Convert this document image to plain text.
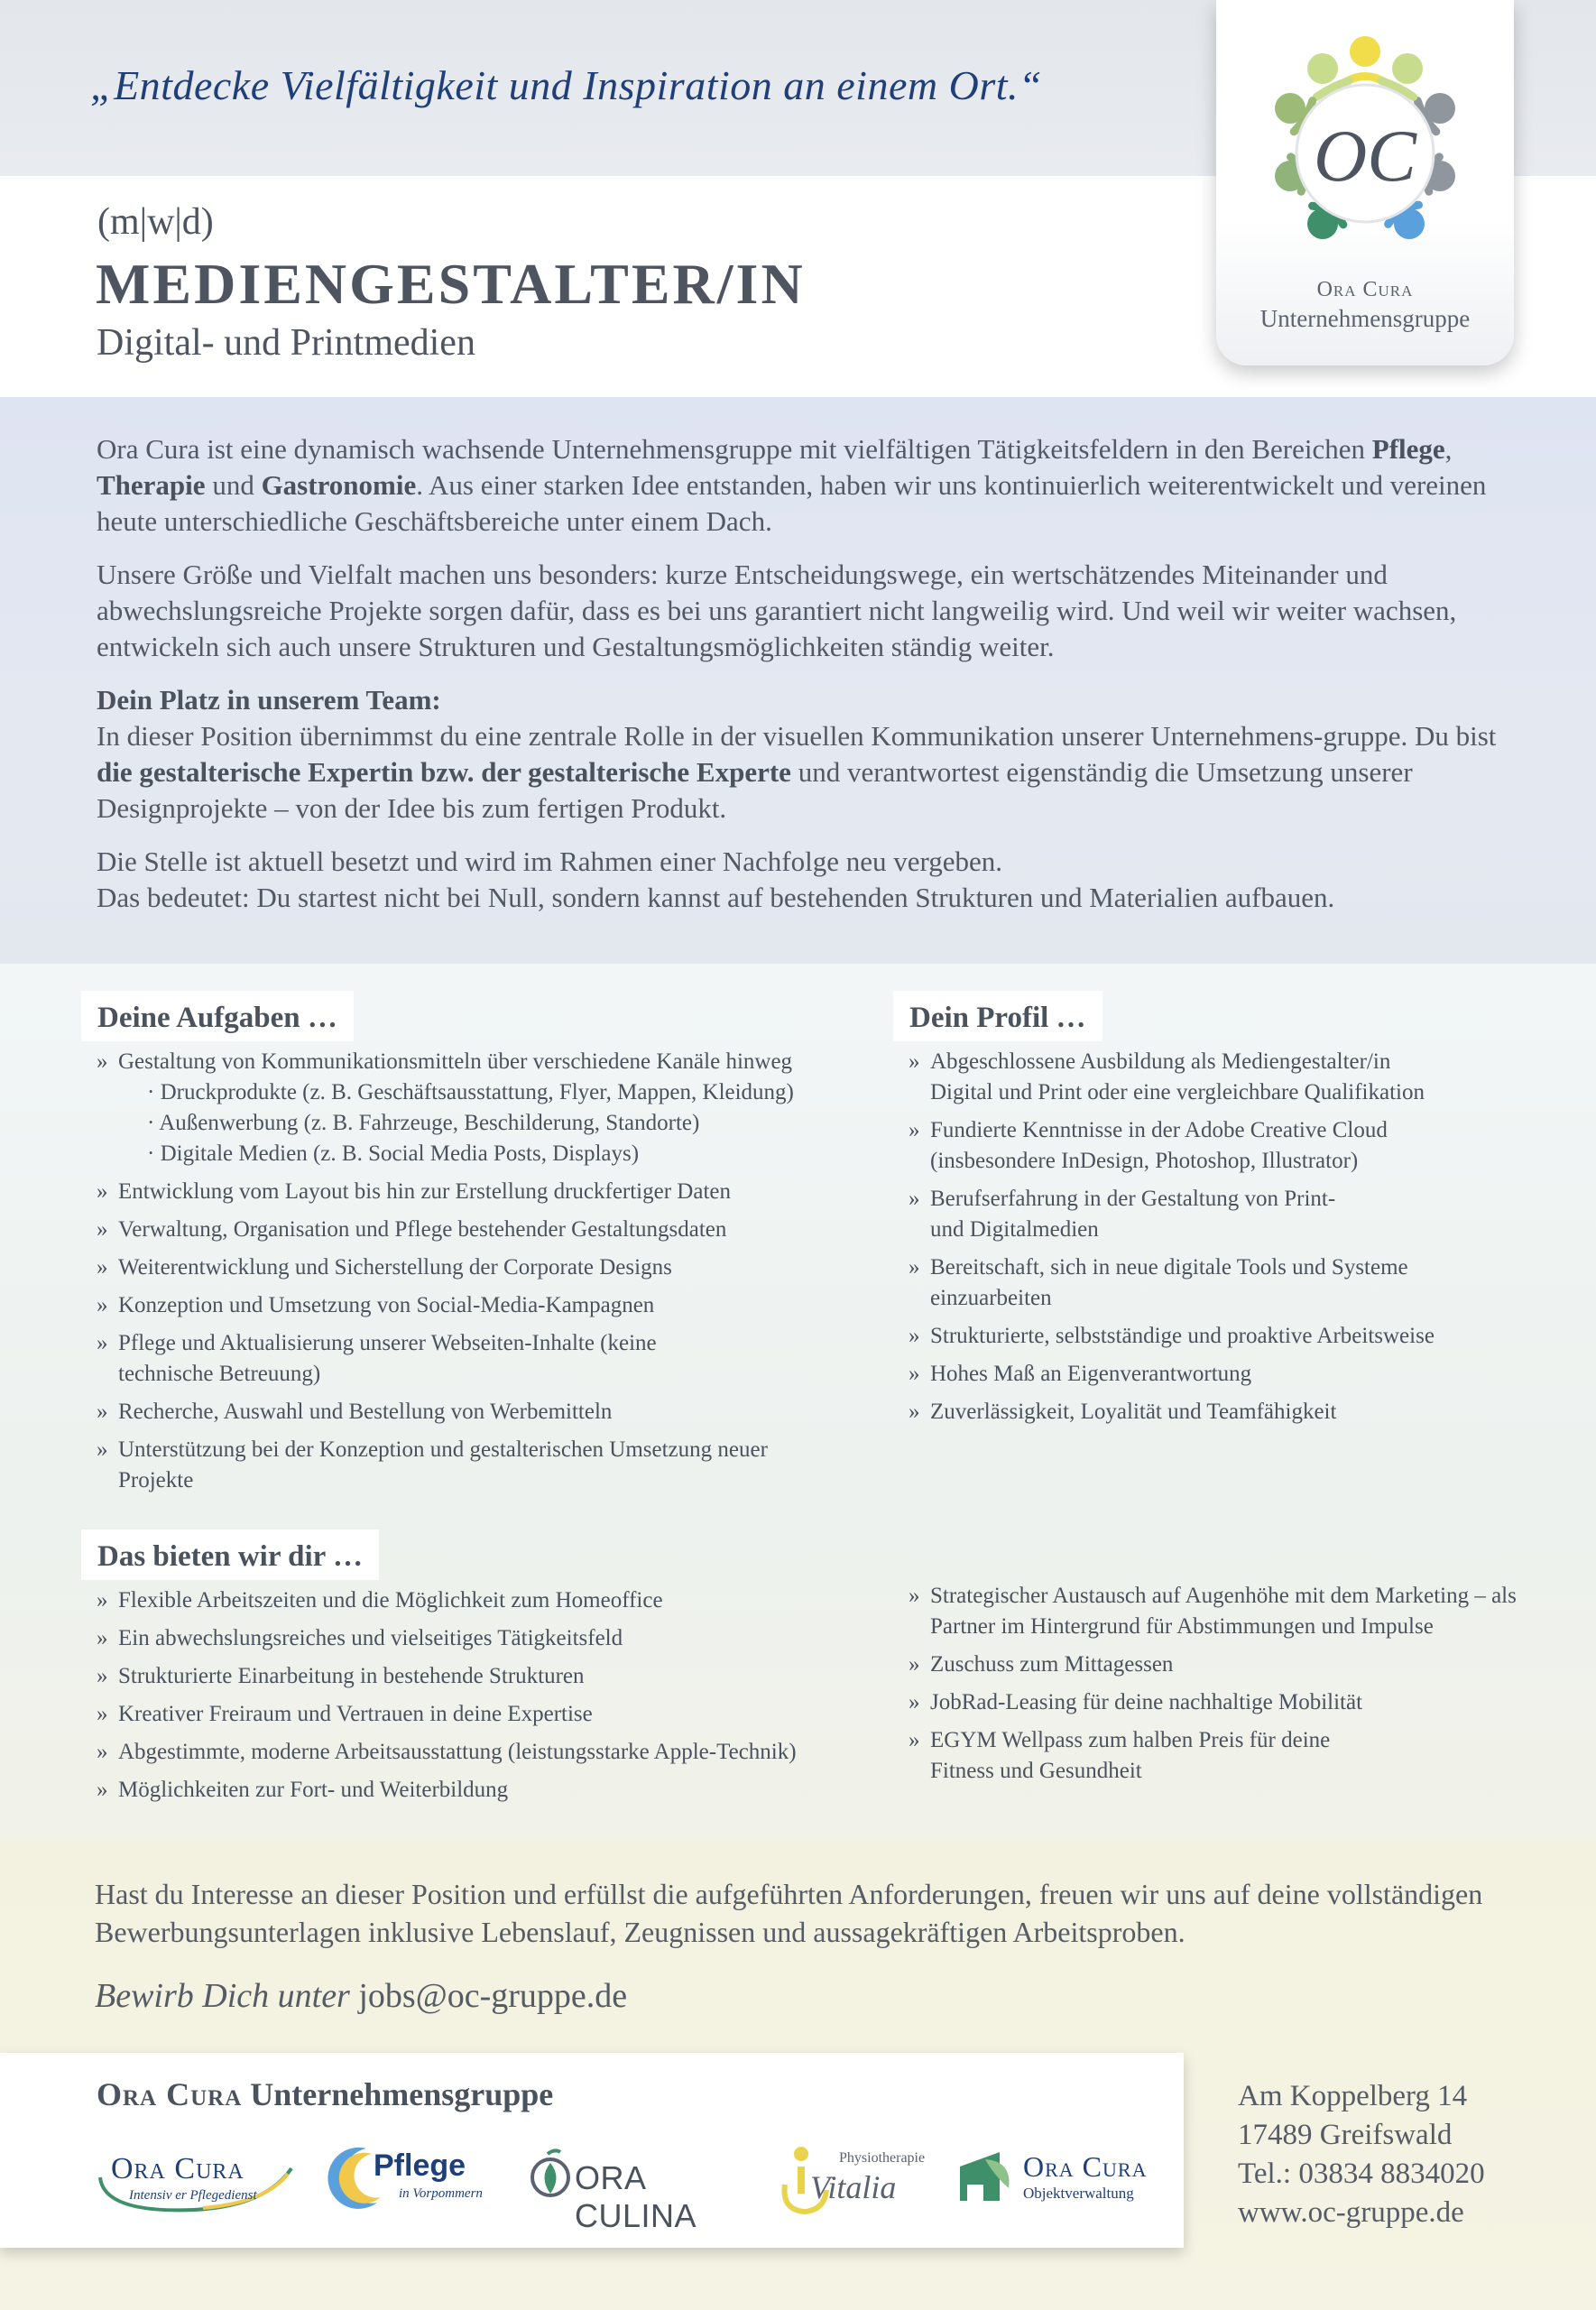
„Entdecke Vielfältigkeit und Inspiration an einem Ort.“
(m|w|d)
MEDIENGESTALTER/IN
Digital- und Printmedien
OC
Ora Cura
Unternehmensgruppe
Ora Cura ist eine dynamisch wachsende Unternehmensgruppe mit vielfältigen Tätigkeitsfeldern in den Bereichen Pflege, Therapie und Gastronomie. Aus einer starken Idee entstanden, haben wir uns kontinuierlich weiterentwickelt und vereinen heute unterschiedliche Geschäftsbereiche unter einem Dach.
Unsere Größe und Vielfalt machen uns besonders: kurze Entscheidungswege, ein wertschätzendes Miteinander und abwechslungsreiche Projekte sorgen dafür, dass es bei uns garantiert nicht langweilig wird. Und weil wir weiter wachsen, entwickeln sich auch unsere Strukturen und Gestaltungsmöglichkeiten ständig weiter.
Dein Platz in unserem Team:
In dieser Position übernimmst du eine zentrale Rolle in der visuellen Kommunikation unserer Unternehmens-gruppe. Du bist die gestalterische Expertin bzw. der gestalterische Experte und verantwortest eigenständig die Umsetzung unserer Designprojekte – von der Idee bis zum fertigen Produkt.
Die Stelle ist aktuell besetzt und wird im Rahmen einer Nachfolge neu vergeben.
Das bedeutet: Du startest nicht bei Null, sondern kannst auf bestehenden Strukturen und Materialien aufbauen.
Deine Aufgaben …
» Gestaltung von Kommunikationsmitteln über verschiedene Kanäle hinweg
· Druckprodukte (z. B. Geschäftsausstattung, Flyer, Mappen, Kleidung)
· Außenwerbung (z. B. Fahrzeuge, Beschilderung, Standorte)
· Digitale Medien (z. B. Social Media Posts, Displays)
» Entwicklung vom Layout bis hin zur Erstellung druckfertiger Daten
» Verwaltung, Organisation und Pflege bestehender Gestaltungsdaten
» Weiterentwicklung und Sicherstellung der Corporate Designs
» Konzeption und Umsetzung von Social-Media-Kampagnen
» Pflege und Aktualisierung unserer Webseiten-Inhalte (keine technische Betreuung)
» Recherche, Auswahl und Bestellung von Werbemitteln
» Unterstützung bei der Konzeption und gestalterischen Umsetzung neuer Projekte
Dein Profil …
» Abgeschlossene Ausbildung als Mediengestalter/in Digital und Print oder eine vergleichbare Qualifikation
» Fundierte Kenntnisse in der Adobe Creative Cloud (insbesondere InDesign, Photoshop, Illustrator)
» Berufserfahrung in der Gestaltung von Print- und Digitalmedien
» Bereitschaft, sich in neue digitale Tools und Systeme einzuarbeiten
» Strukturierte, selbstständige und proaktive Arbeitsweise
» Hohes Maß an Eigenverantwortung
» Zuverlässigkeit, Loyalität und Teamfähigkeit
Das bieten wir dir …
» Flexible Arbeitszeiten und die Möglichkeit zum Homeoffice
» Ein abwechslungsreiches und vielseitiges Tätigkeitsfeld
» Strukturierte Einarbeitung in bestehende Strukturen
» Kreativer Freiraum und Vertrauen in deine Expertise
» Abgestimmte, moderne Arbeitsausstattung (leistungsstarke Apple-Technik)
» Möglichkeiten zur Fort- und Weiterbildung
» Strategischer Austausch auf Augenhöhe mit dem Marketing – als Partner im Hintergrund für Abstimmungen und Impulse
» Zuschuss zum Mittagessen
» JobRad-Leasing für deine nachhaltige Mobilität
» EGYM Wellpass zum halben Preis für deine Fitness und Gesundheit
Hast du Interesse an dieser Position und erfüllst die aufgeführten Anforderungen, freuen wir uns auf deine vollständigen Bewerbungsunterlagen inklusive Lebenslauf, Zeugnissen und aussagekräftigen Arbeitsproben.
Bewirb Dich unter jobs@oc-gruppe.de
Ora Cura Unternehmensgruppe
Ora Cura
Intensiv er Pflegedienst
Pflege
in Vorpommern	ORA CULINA
Physiotherapie
Vitalia
Ora Cura
Objektverwaltung
Am Koppelberg 14
17489 Greifswald
Tel.: 03834 8834020
www.oc-gruppe.de
